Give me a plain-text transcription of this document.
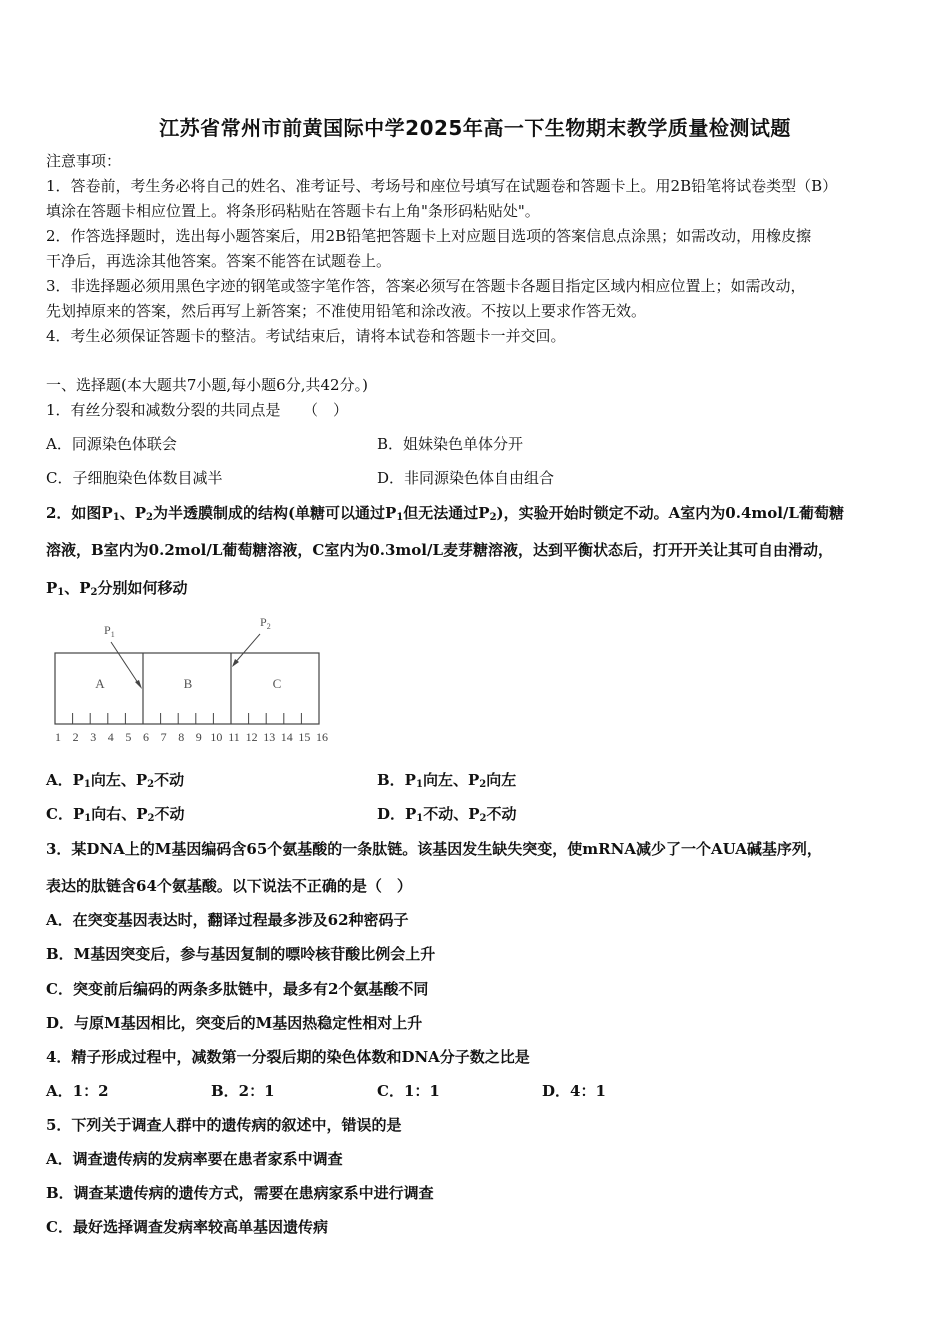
江苏省常州市前黄国际中学2025年高一下生物期末教学质量检测试题
注意事项：
1．答卷前，考生务必将自己的姓名、准考证号、考场号和座位号填写在试题卷和答题卡上。用2B铅笔将试卷类型（B）
填涂在答题卡相应位置上。将条形码粘贴在答题卡右上角"条形码粘贴处"。
2．作答选择题时，选出每小题答案后，用2B铅笔把答题卡上对应题目选项的答案信息点涂黑；如需改动，用橡皮擦
干净后，再选涂其他答案。答案不能答在试题卷上。
3．非选择题必须用黑色字迹的钢笔或签字笔作答，答案必须写在答题卡各题目指定区域内相应位置上；如需改动，
先划掉原来的答案，然后再写上新答案；不准使用铅笔和涂改液。不按以上要求作答无效。
4．考生必须保证答题卡的整洁。考试结束后，请将本试卷和答题卡一并交回。
一、选择题(本大题共7小题,每小题6分,共42分。)
1．有丝分裂和减数分裂的共同点是　　（　）
A．同源染色体联会	B．姐妹染色单体分开
C．子细胞染色体数目减半	D．非同源染色体自由组合
2．如图$P_1$、$P_2$为半透膜制成的结构(单糖可以通过$P_1$但无法通过$P_2$)，实验开始时锁定不动。A室内为0.4mol/L葡萄糖
溶液，B室内为0.2mol/L葡萄糖溶液，C室内为0.3mol/L麦芽糖溶液，达到平衡状态后，打开开关让其可自由滑动，
$P_1$、$P_2$分别如何移动
A	B	C
$P_1$
$P_2$
1 2 3 4 5 6 7 8 9 10 11 12 13 14 15 16
A．$P_1$向左、$P_2$不动	B．$P_1$向左、$P_2$向左
C．$P_1$向右、$P_2$不动	D．$P_1$不动、$P_2$不动
3．某DNA上的M基因编码含65个氨基酸的一条肽链。该基因发生缺失突变，使mRNA减少了一个AUA碱基序列，
表达的肽链含64个氨基酸。以下说法不正确的是（　）
A．在突变基因表达时，翻译过程最多涉及62种密码子
B．M基因突变后，参与基因复制的嘌呤核苷酸比例会上升
C．突变前后编码的两条多肽链中，最多有2个氨基酸不同
D．与原M基因相比，突变后的M基因热稳定性相对上升
4．精子形成过程中，减数第一分裂后期的染色体数和DNA分子数之比是
A．1：2	B．2：1	C．1：1	D．4：1
5．下列关于调查人群中的遗传病的叙述中，错误的是
A．调查遗传病的发病率要在患者家系中调查
B．调查某遗传病的遗传方式，需要在患病家系中进行调查
C．最好选择调查发病率较高单基因遗传病
